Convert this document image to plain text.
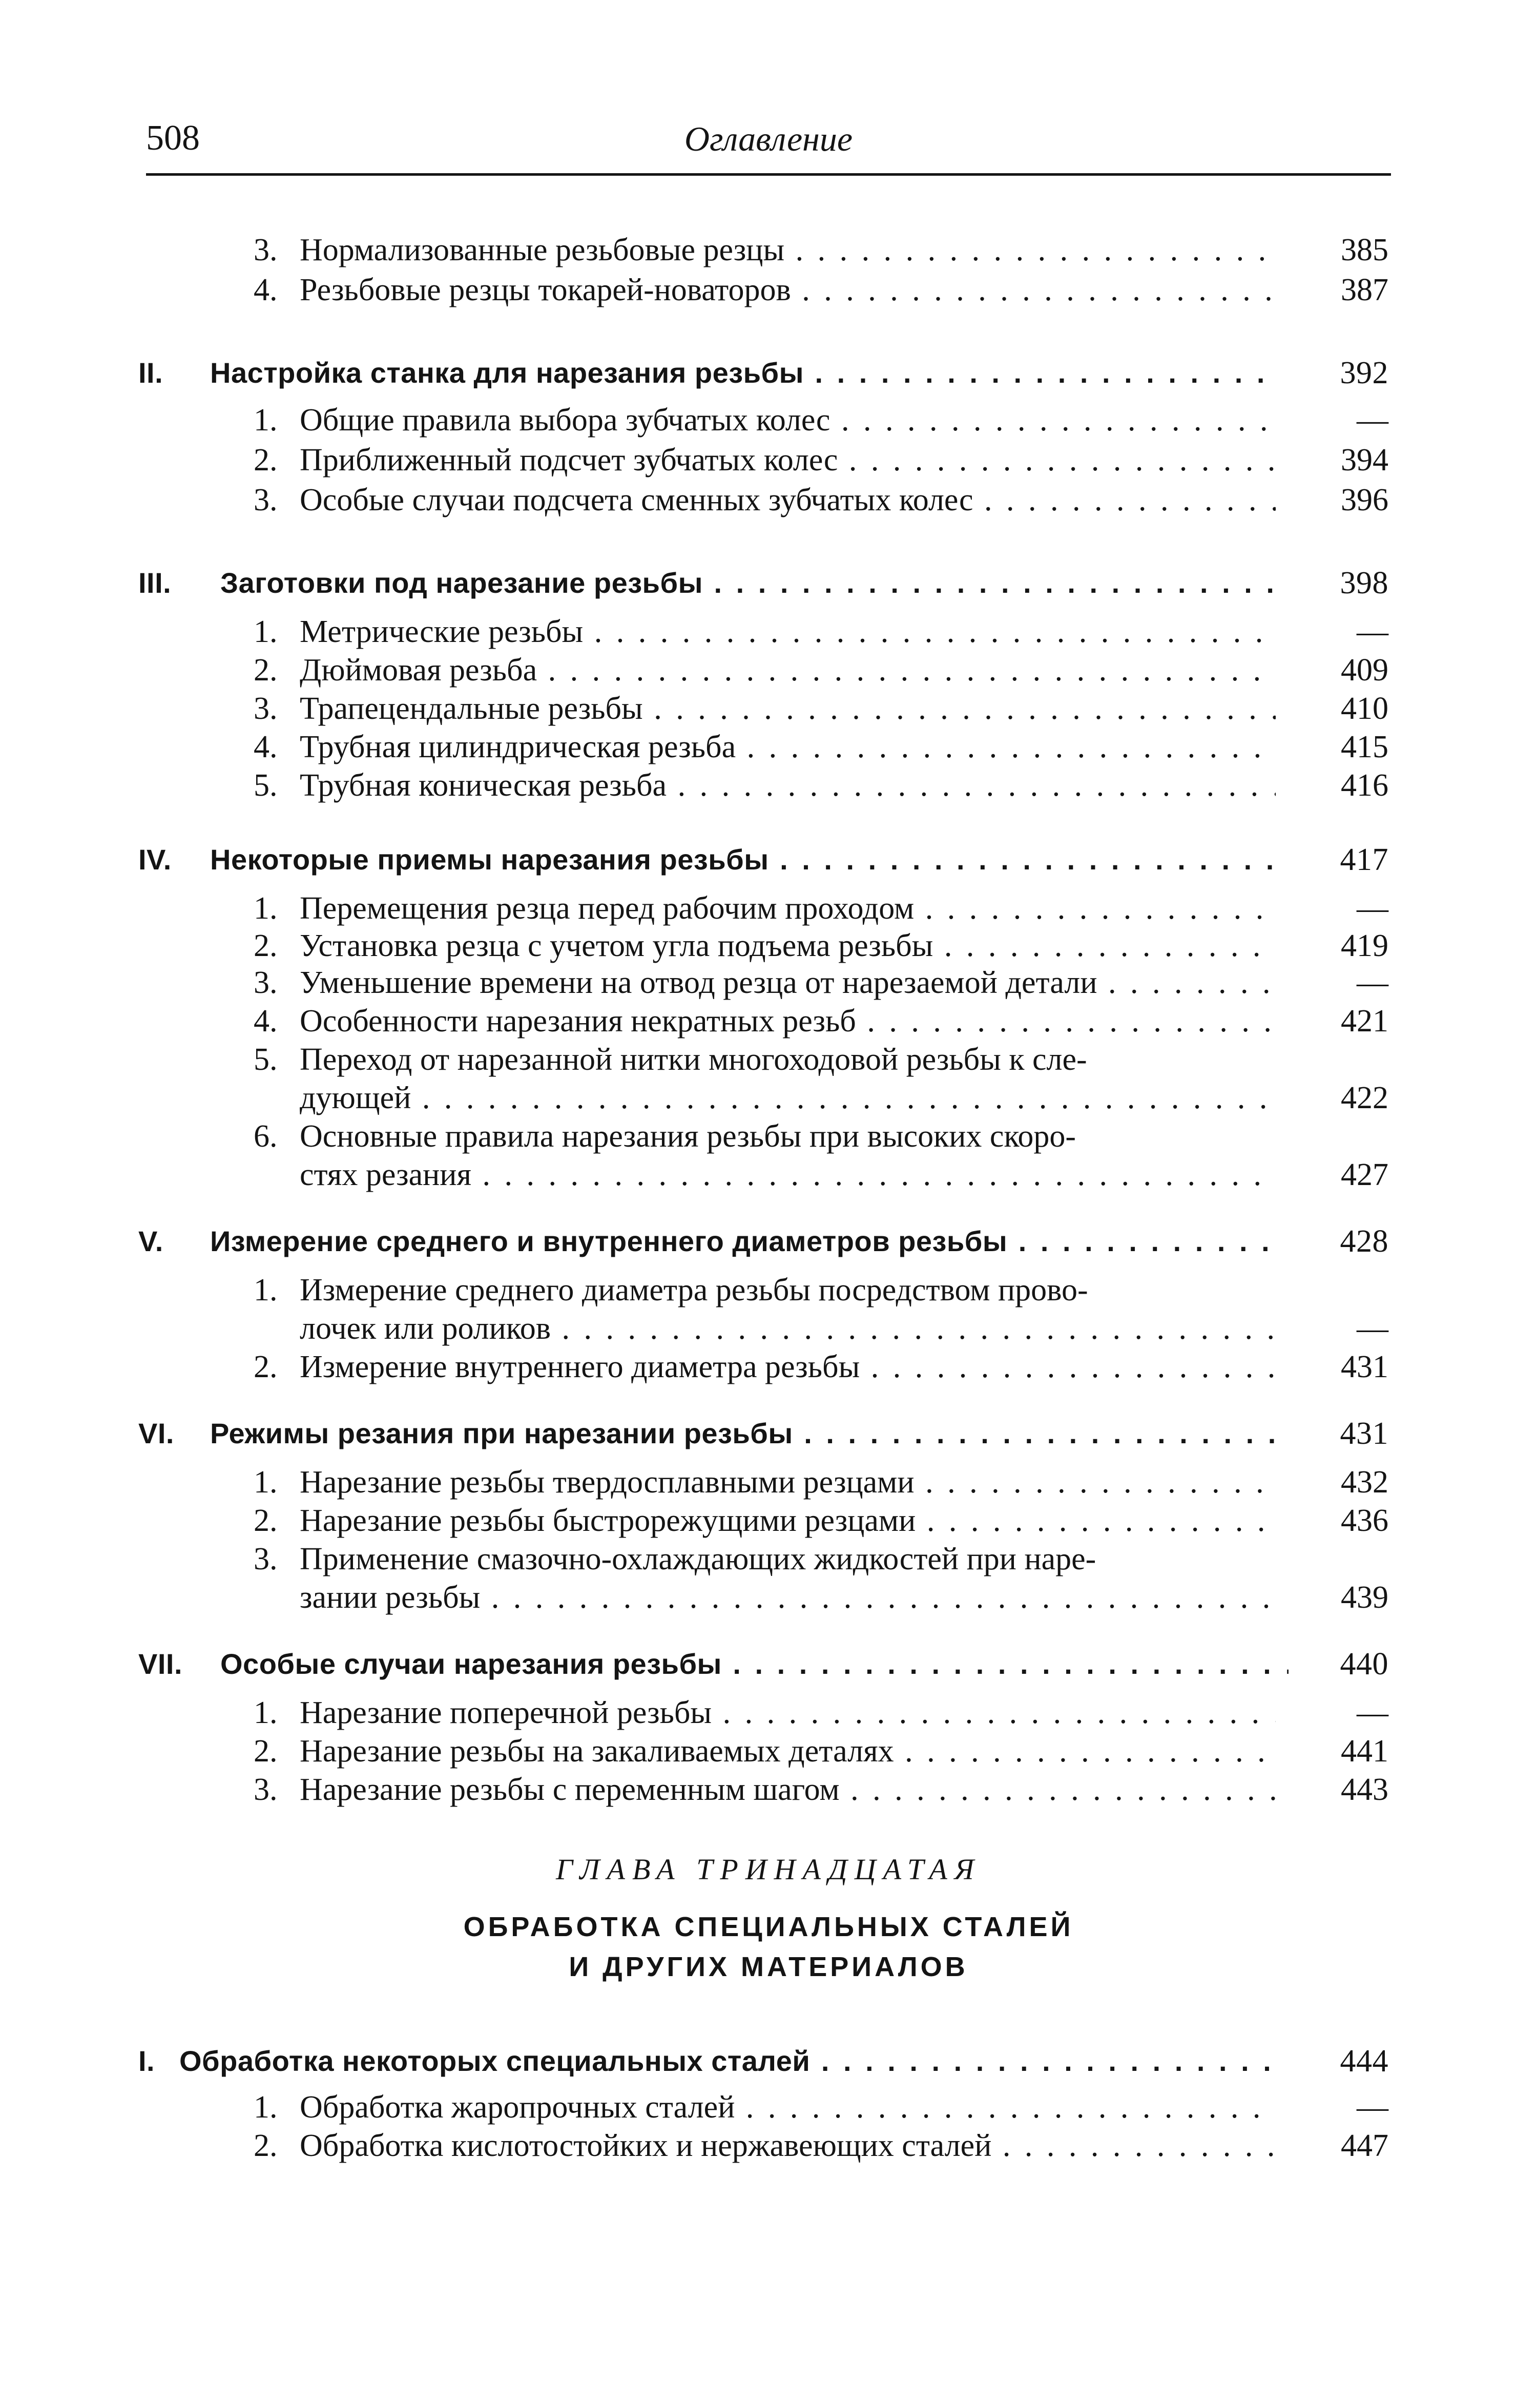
508	Оглавление
3. Нормализованные резьбовые резцы . . .	385
4. Резьбовые резцы токарей-новаторов . . .	387
II. Настройка станка для нарезания резьбы . . .	392
1. Общие правила выбора зубчатых колес . . .	—
2. Приближенный подсчет зубчатых колес . . .	394
3. Особые случаи подсчета сменных зубчатых колес . . .	396
III. Заготовки под нарезание резьбы . . .	398
1. Метрические резьбы . . .	—
2. Дюймовая резьба . . .	409
3. Трапецендальные резьбы . . .	410
4. Трубная цилиндрическая резьба . . .	415
5. Трубная коническая резьба . . .	416
IV. Некоторые приемы нарезания резьбы . . .	417
1. Перемещения резца перед рабочим проходом . . .	—
2. Установка резца с учетом угла подъема резьбы . . .	419
3. Уменьшение времени на отвод резца от нарезаемой детали . . .	—
4. Особенности нарезания некратных резьб . . .	421
5. Переход от нарезанной нитки многоходовой резьбы к сле-
дующей . . .	422
6. Основные правила нарезания резьбы при высоких скоро-
стях резания . . .	427
V. Измерение среднего и внутреннего диаметров резьбы . . .	428
1. Измерение среднего диаметра резьбы посредством прово-
лочек или роликов . . .	—
2. Измерение внутреннего диаметра резьбы . . .	431
VI. Режимы резания при нарезании резьбы . . .	431
1. Нарезание резьбы твердосплавными резцами . . .	432
2. Нарезание резьбы быстрорежущими резцами . . .	436
3. Применение смазочно-охлаждающих жидкостей при наре-
зании резьбы . . .	439
VII. Особые случаи нарезания резьбы . . .	440
1. Нарезание поперечной резьбы . . .	—
2. Нарезание резьбы на закаливаемых деталях . . .	441
3. Нарезание резьбы с переменным шагом . . .	443
I. Обработка некоторых специальных сталей . . .	444
1. Обработка жаропрочных сталей . . .	—
2. Обработка кислотостойких и нержавеющих сталей . . .	447
ГЛАВА ТРИНАДЦАТАЯ
ОБРАБОТКА СПЕЦИАЛЬНЫХ СТАЛЕЙ
И ДРУГИХ МАТЕРИАЛОВ
